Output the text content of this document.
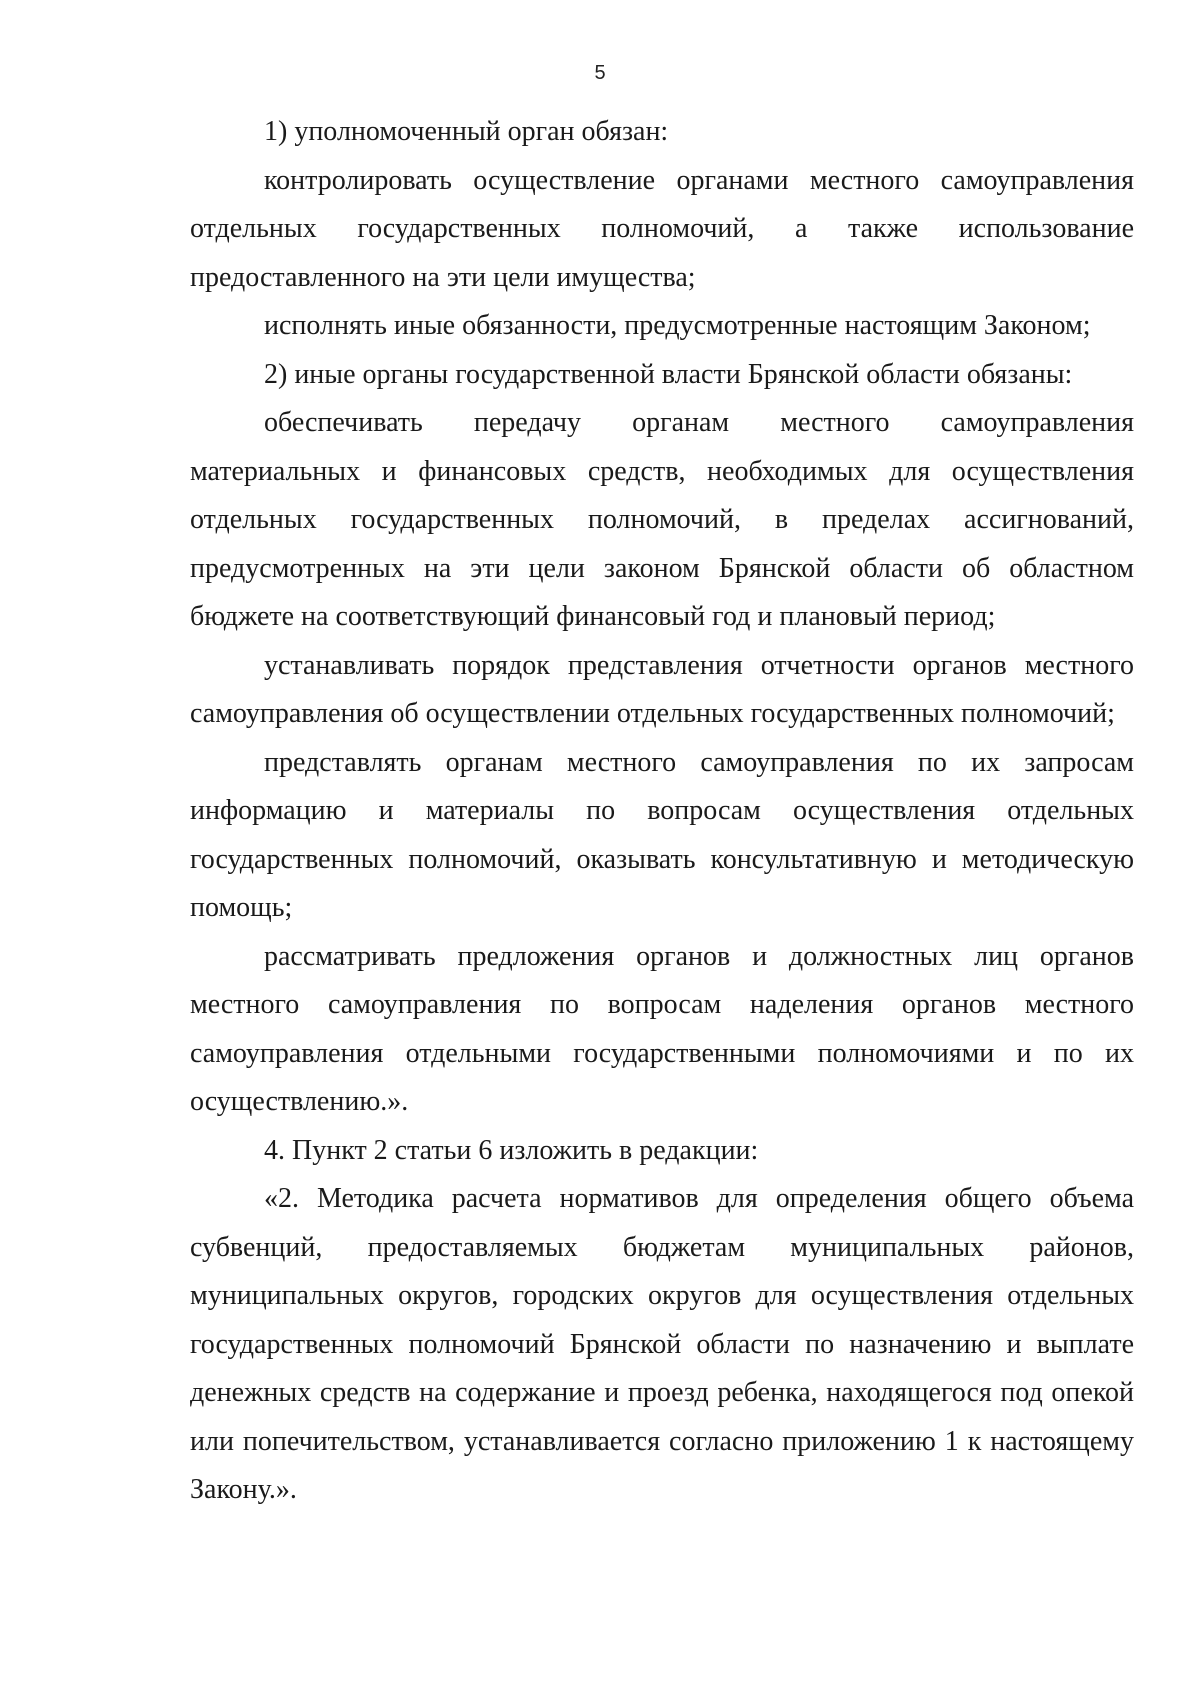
5

1) уполномоченный орган обязан:

контролировать осуществление органами местного самоуправления отдельных государственных полномочий, а также использование предоставленного на эти цели имущества;

исполнять иные обязанности, предусмотренные настоящим Законом;

2) иные органы государственной власти Брянской области обязаны:

обеспечивать передачу органам местного самоуправления материальных и финансовых средств, необходимых для осуществления отдельных государственных полномочий, в пределах ассигнований, предусмотренных на эти цели законом Брянской области об областном бюджете на соответствующий финансовый год и плановый период;

устанавливать порядок представления отчетности органов местного самоуправления об осуществлении отдельных государственных полномочий;

представлять органам местного самоуправления по их запросам информацию и материалы по вопросам осуществления отдельных государственных полномочий, оказывать консультативную и методическую помощь;

рассматривать предложения органов и должностных лиц органов местного самоуправления по вопросам наделения органов местного самоуправления отдельными государственными полномочиями и по их осуществлению.».

4. Пункт 2 статьи 6 изложить в редакции:

«2. Методика расчета нормативов для определения общего объема субвенций, предоставляемых бюджетам муниципальных районов, муниципальных округов, городских округов для осуществления отдельных государственных полномочий Брянской области по назначению и выплате денежных средств на содержание и проезд ребенка, находящегося под опекой или попечительством, устанавливается согласно приложению 1 к настоящему Закону.».
